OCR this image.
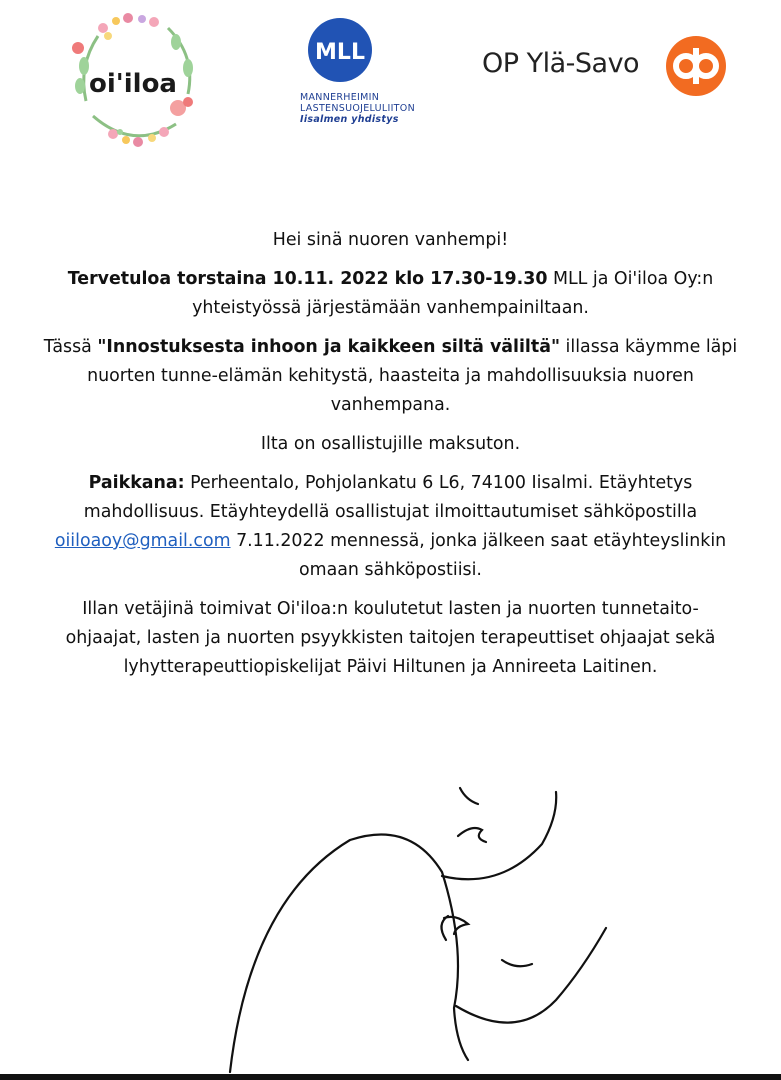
oi'iloa
MLL
MANNERHEIMIN
LASTENSUOJELULIITON
Iisalmen yhdistys
OP Ylä-Savo

Hei sinä nuoren vanhempi!

Tervetuloa torstaina 10.11. 2022 klo 17.30-19.30 MLL ja Oi'iloa Oy:n
yhteistyössä järjestämään vanhempainiltaan.

Tässä "Innostuksesta inhoon ja kaikkeen siltä väliltä" illassa käymme läpi
nuorten tunne-elämän kehitystä, haasteita ja mahdollisuuksia nuoren
vanhempana.

Ilta on osallistujille maksuton.

Paikkana: Perheentalo, Pohjolankatu 6 L6, 74100 Iisalmi. Etäyhtetys
mahdollisuus. Etäyhteydellä osallistujat ilmoittautumiset sähköpostilla
oiiloaoy@gmail.com 7.11.2022 mennessä, jonka jälkeen saat etäyhteyslinkin
omaan sähköpostiisi.

Illan vetäjinä toimivat Oi'iloa:n koulutetut lasten ja nuorten tunnetaito-
ohjaajat, lasten ja nuorten psyykkisten taitojen terapeuttiset ohjaajat sekä
lyhytterapeuttiopiskelijat Päivi Hiltunen ja Annireeta Laitinen.
